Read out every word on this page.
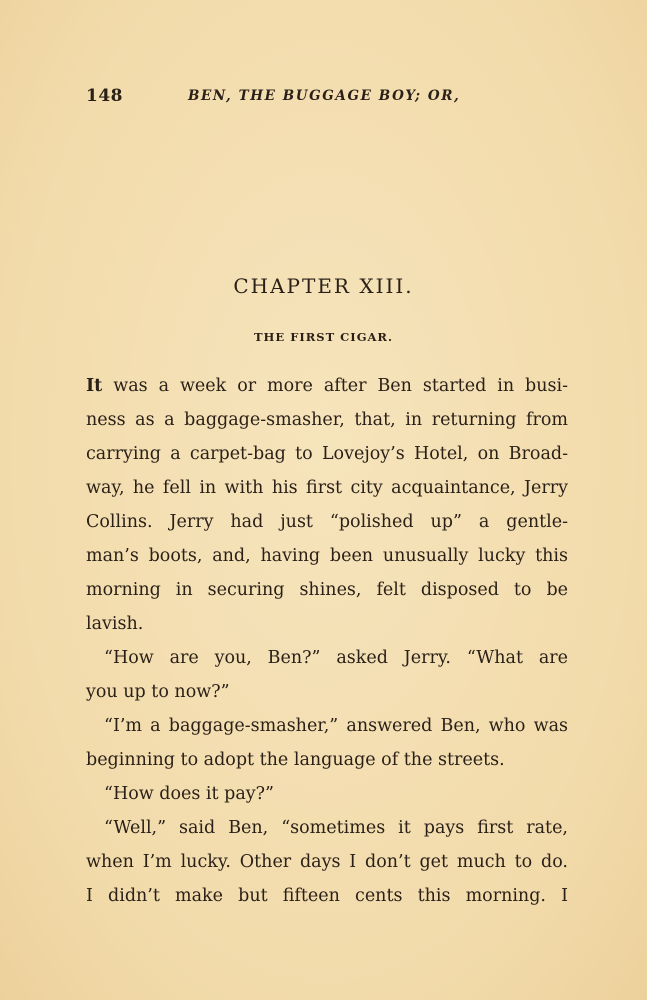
148	BEN, THE BUGGAGE BOY; OR,
CHAPTER XIII.
THE FIRST CIGAR.
It was a week or more after Ben started in busi-
ness as a baggage-smasher, that, in returning from
carrying a carpet-bag to Lovejoy’s Hotel, on Broad-
way, he fell in with his first city acquaintance, Jerry
Collins. Jerry had just “polished up” a gentle-
man’s boots, and, having been unusually lucky this
morning in securing shines, felt disposed to be
lavish.
“How are you, Ben?” asked Jerry. “What are
you up to now?”
“I’m a baggage-smasher,” answered Ben, who was
beginning to adopt the language of the streets.
“How does it pay?”
“Well,” said Ben, “sometimes it pays first rate,
when I’m lucky. Other days I don’t get much to do.
I didn’t make but fifteen cents this morning. I
